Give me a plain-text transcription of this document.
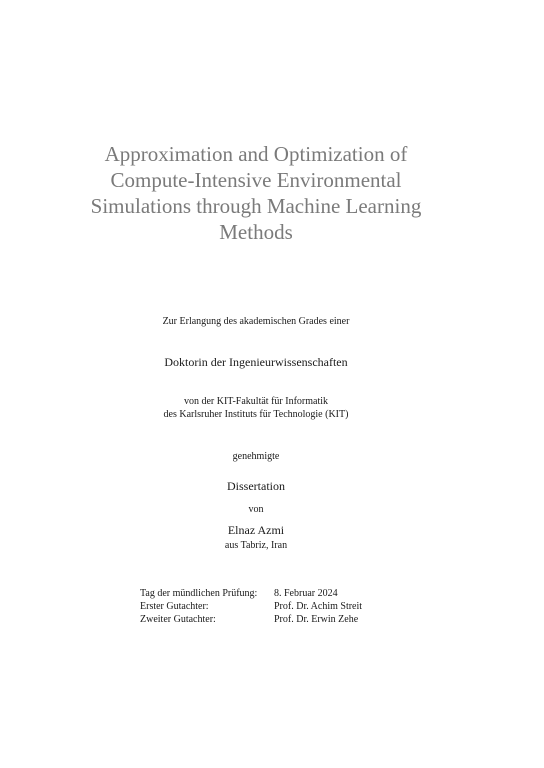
Approximation and Optimization of
Compute-Intensive Environmental
Simulations through Machine Learning
Methods
Zur Erlangung des akademischen Grades einer
Doktorin der Ingenieurwissenschaften
von der KIT-Fakultät für Informatik
des Karlsruher Instituts für Technologie (KIT)
genehmigte
Dissertation
von
Elnaz Azmi
aus Tabriz, Iran
Tag der mündlichen Prüfung:	8. Februar 2024
Erster Gutachter:	Prof. Dr. Achim Streit
Zweiter Gutachter:	Prof. Dr. Erwin Zehe
